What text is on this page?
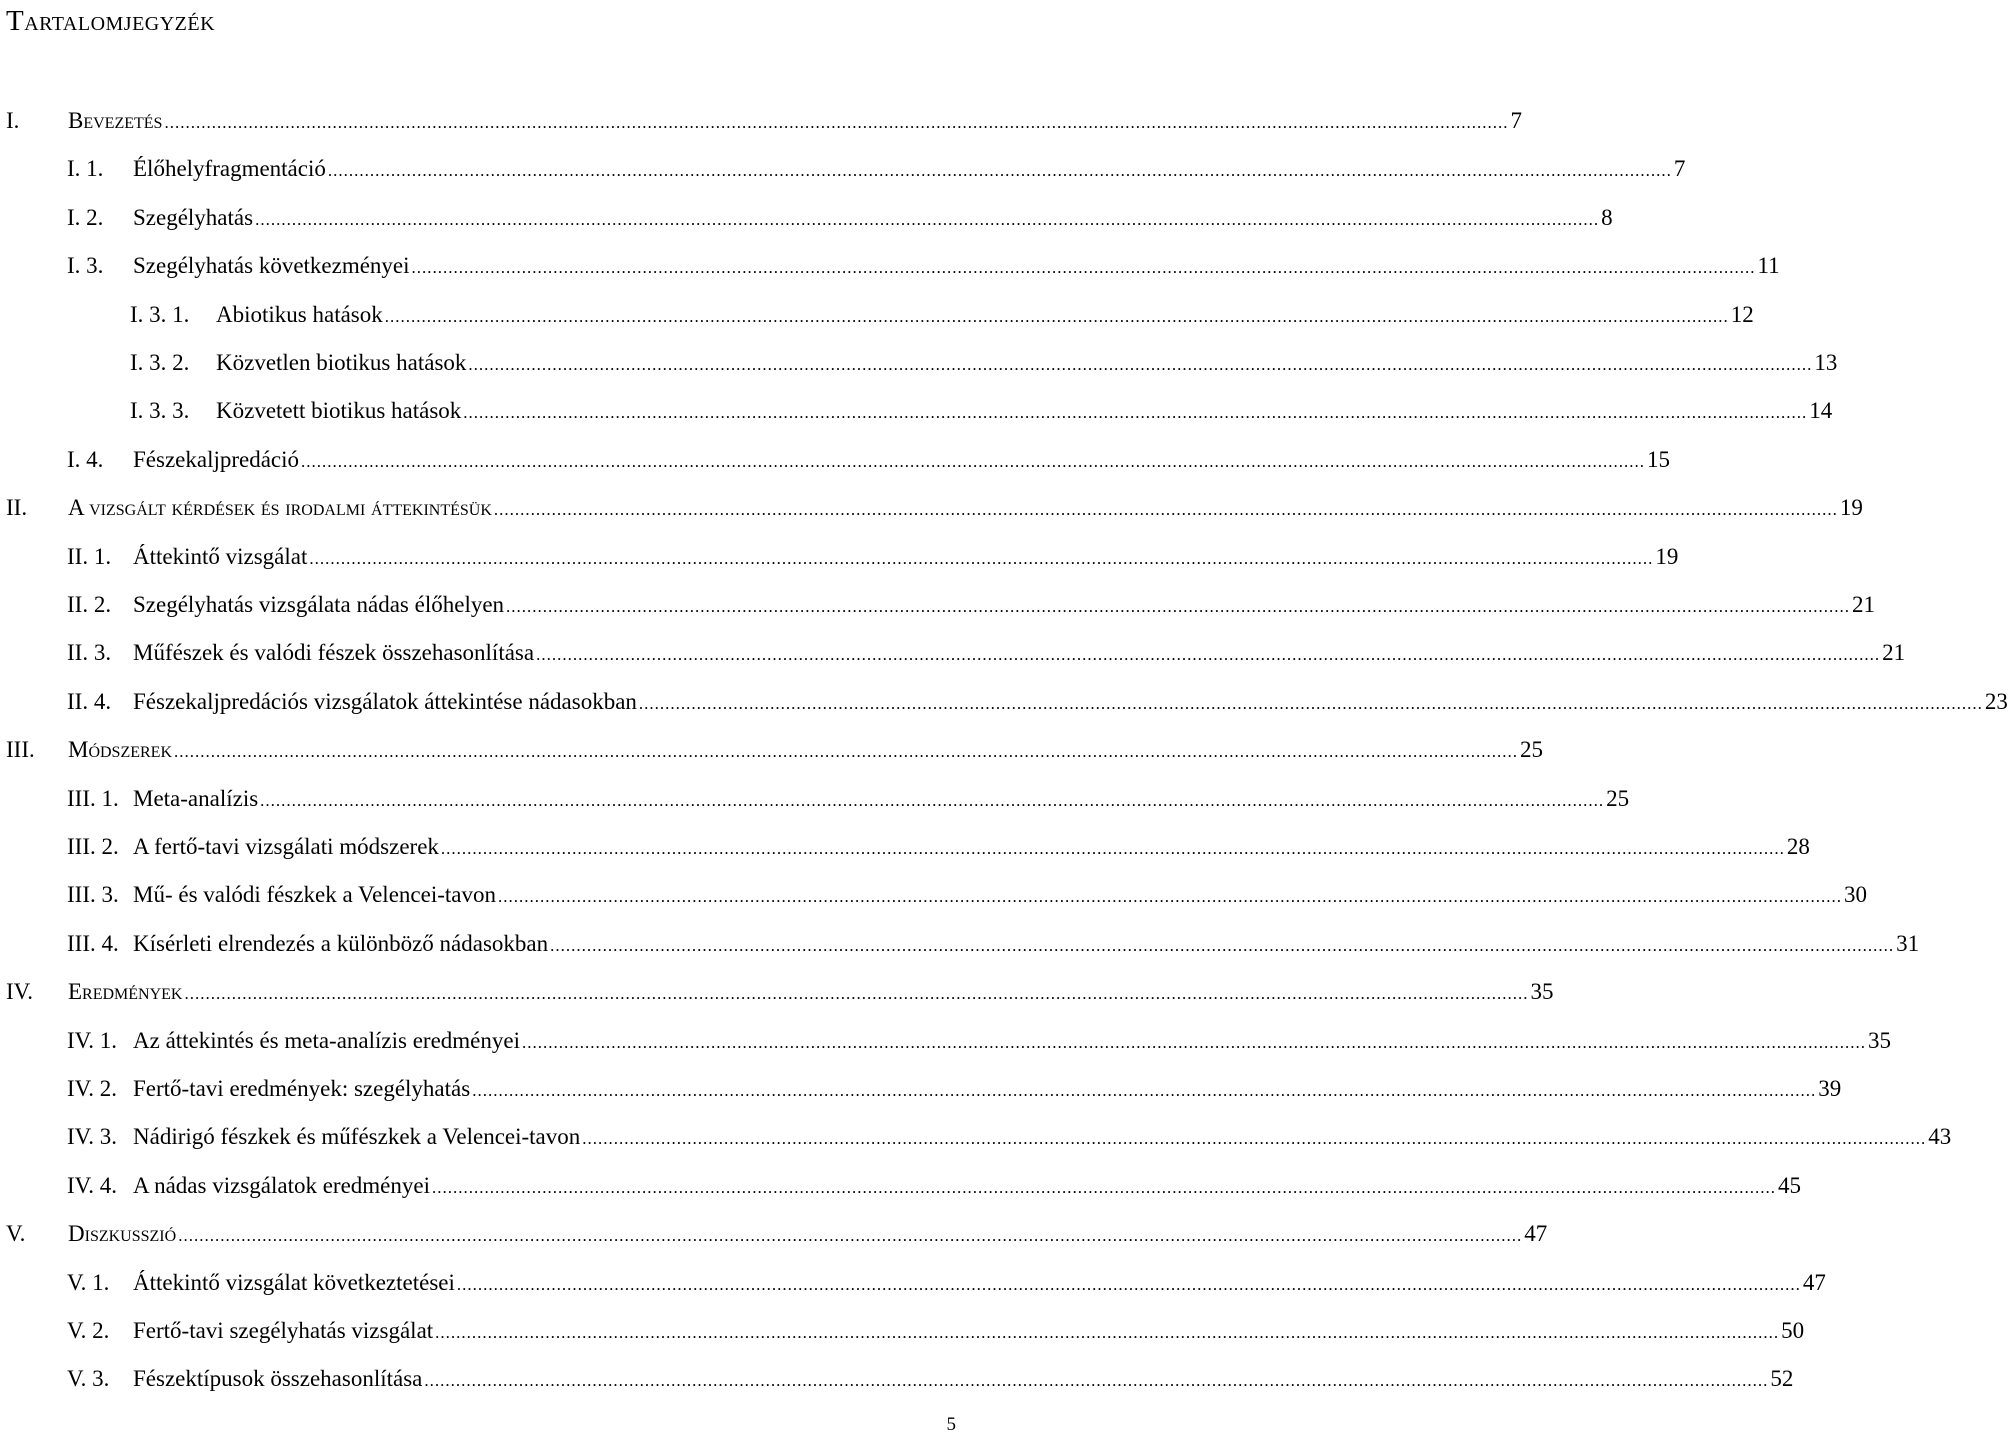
Tartalomjegyzék
I.	Bevezetés .....	7
I. 1.	Élőhelyfragmentáció .....	7
I. 2.	Szegélyhatás .....	8
I. 3.	Szegélyhatás következményei .....	11
I. 3. 1.	Abiotikus hatások .....	12
I. 3. 2.	Közvetlen biotikus hatások .....	13
I. 3. 3.	Közvetett biotikus hatások .....	14
I. 4.	Fészekaljpredáció .....	15
II.	A vizsgált kérdések és irodalmi áttekintésük .....	19
II. 1. Áttekintő vizsgálat .....	19
II. 2. Szegélyhatás vizsgálata nádas élőhelyen .....	21
II. 3. Műfészek és valódi fészek összehasonlítása .....	21
II. 4. Fészekaljpredációs vizsgálatok áttekintése nádasokban .....	23
III.	Módszerek .....	25
III. 1. Meta-analízis .....	25
III. 2. A fertő-tavi vizsgálati módszerek .....	28
III. 3. Mű- és valódi fészkek a Velencei-tavon .....	30
III. 4. Kísérleti elrendezés a különböző nádasokban .....	31
IV.	Eredmények .....	35
IV. 1. Az áttekintés és meta-analízis eredményei .....	35
IV. 2. Fertő-tavi eredmények: szegélyhatás .....	39
IV. 3. Nádirigó fészkek és műfészkek a Velencei-tavon .....	43
IV. 4. A nádas vizsgálatok eredményei .....	45
V.	Diszkusszió .....	47
V. 1.	Áttekintő vizsgálat következtetései .....	47
V. 2.	Fertő-tavi szegélyhatás vizsgálat .....	50
V. 3.	Fészektípusok összehasonlítása .....	52
5
